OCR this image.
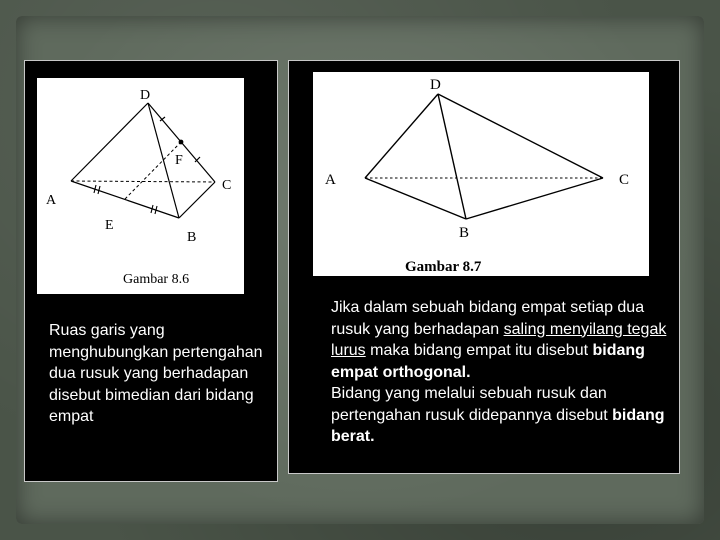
D
F
C
A
E
B
Gambar 8.6
Ruas garis yang menghubungkan pertengahan dua rusuk yang berhadapan disebut bimedian dari bidang empat
D
A	C
B
Gambar 8.7
Jika dalam sebuah bidang empat setiap dua rusuk yang berhadapan saling menyilang tegak lurus maka bidang empat itu disebut bidang empat orthogonal.
Bidang yang melalui sebuah rusuk dan pertengahan rusuk didepannya disebut bidang berat.
